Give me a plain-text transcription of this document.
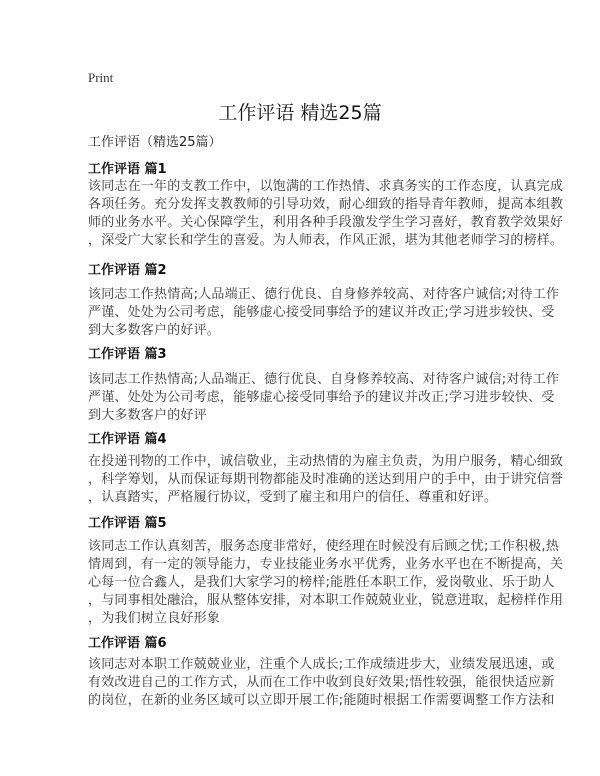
Print
工作评语 精选25篇
工作评语（精选25篇）
工作评语 篇1
该同志在一年的支教工作中，以饱满的工作热情、求真务实的工作态度，认真完成
各项任务。充分发挥支教教师的引导功效，耐心细致的指导青年教师，提高本组教
师的业务水平。关心保障学生，利用各种手段激发学生学习喜好，教育教学效果好
，深受广大家长和学生的喜爱。为人师表，作风正派，堪为其他老师学习的榜样。
工作评语 篇2
该同志工作热情高;人品端正、德行优良、自身修养较高、对待客户诚信;对待工作
严谨、处处为公司考虑，能够虚心接受同事给予的建议并改正;学习进步较快、受
到大多数客户的好评。
工作评语 篇3
该同志工作热情高;人品端正、德行优良、自身修养较高、对待客户诚信;对待工作
严谨、处处为公司考虑，能够虚心接受同事给予的建议并改正;学习进步较快、受
到大多数客户的好评
工作评语 篇4
在投递刊物的工作中，诚信敬业，主动热情的为雇主负责，为用户服务，精心细致
，科学筹划，从而保证每期刊物都能及时准确的送达到用户的手中，由于讲究信誉
，认真踏实，严格履行协议，受到了雇主和用户的信任、尊重和好评。
工作评语 篇5
该同志工作认真刻苦，服务态度非常好，使经理在时候没有后顾之忧;工作积极,热
情周到，有一定的领导能力，专业技能业务水平优秀，业务水平也在不断提高，关
心每一位合鑫人，是我们大家学习的榜样;能胜任本职工作，爱岗敬业、乐于助人
，与同事相处融洽，服从整体安排，对本职工作兢兢业业，锐意进取，起榜样作用
，为我们树立良好形象
工作评语 篇6
该同志对本职工作兢兢业业，注重个人成长;工作成绩进步大，业绩发展迅速，或
有效改进自己的工作方式，从而在工作中收到良好效果;悟性较强，能很快适应新
的岗位，在新的业务区域可以立即开展工作;能随时根据工作需要调整工作方法和
